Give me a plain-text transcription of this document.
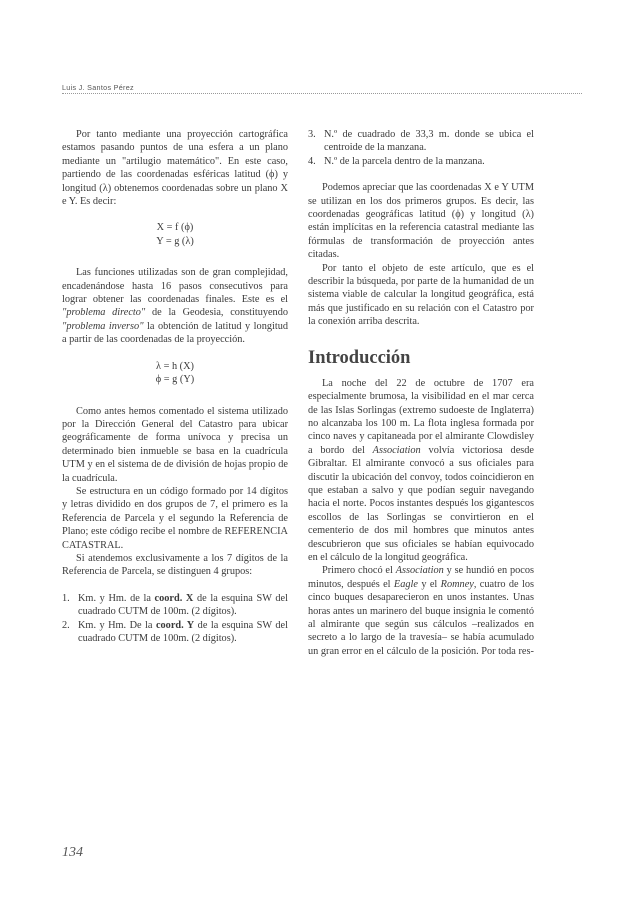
Luis J. Santos Pérez

Por tanto mediante una proyección cartográfica estamos pasando puntos de una esfera a un plano mediante un "artilugio matemático". En este caso, partiendo de las coordenadas esféricas latitud (ϕ) y longitud (λ) obtenemos coordenadas sobre un plano X e Y. Es decir:

X = f (ϕ)

Y = g (λ)

Las funciones utilizadas son de gran complejidad, encadenándose hasta 16 pasos consecutivos para lograr obtener las coordenadas finales. Este es el "problema directo" de la Geodesia, constituyendo "problema inverso" la obtención de latitud y longitud a partir de las coordenadas de la proyección.

λ = h (X)

ϕ = g (Y)

Como antes hemos comentado el sistema utilizado por la Dirección General del Catastro para ubicar geográficamente de forma unívoca y precisa un determinado bien inmueble se basa en la cuadrícula UTM y en el sistema de de división de hojas propio de la cuadrícula.

Se estructura en un código formado por 14 dígitos y letras dividido en dos grupos de 7, el primero es la Referencia de Parcela y el segundo la Referencia de Plano; este código recibe el nombre de REFERENCIA CATASTRAL.

Si atendemos exclusivamente a los 7 dígitos de la Referencia de Parcela, se distinguen 4 grupos:

1. Km. y Hm. de la coord. X de la esquina SW del cuadrado CUTM de 100m. (2 dígitos).
2. Km. y Hm. De la coord. Y de la esquina SW del cuadrado CUTM de 100m. (2 dígitos).
3. N.º de cuadrado de 33,3 m. donde se ubica el centroide de la manzana.
4. N.º de la parcela dentro de la manzana.

Podemos apreciar que las coordenadas X e Y UTM se utilizan en los dos primeros grupos. Es decir, las coordenadas geográficas latitud (ϕ) y longitud (λ) están implícitas en la referencia catastral mediante las fórmulas de transformación de proyección antes citadas.

Por tanto el objeto de este artículo, que es el describir la búsqueda, por parte de la humanidad de un sistema viable de calcular la longitud geográfica, está más que justificado en su relación con el Catastro por la conexión arriba descrita.

Introducción

La noche del 22 de octubre de 1707 era especialmente brumosa, la visibilidad en el mar cerca de las Islas Sorlingas (extremo sudoeste de Inglaterra) no alcanzaba los 100 m. La flota inglesa formada por cinco naves y capitaneada por el almirante Clowdisley a bordo del Association volvía victoriosa desde Gibraltar. El almirante convocó a sus oficiales para discutir la ubicación del convoy, todos coincidieron en que estaban a salvo y que podían seguir navegando hacia el norte. Pocos instantes después los gigantescos escollos de las Sorlingas se convirtieron en el cementerio de dos mil hombres que minutos antes descubrieron que sus oficiales se habían equivocado en el cálculo de la longitud geográfica.

Primero chocó el Association y se hundió en pocos minutos, después el Eagle y el Romney, cuatro de los cinco buques desaparecieron en unos instantes. Unas horas antes un marinero del buque insignia le comentó al almirante que según sus cálculos –realizados en secreto a lo largo de la travesía– se había acumulado un gran error en el cálculo de la posición. Por toda res-

134
